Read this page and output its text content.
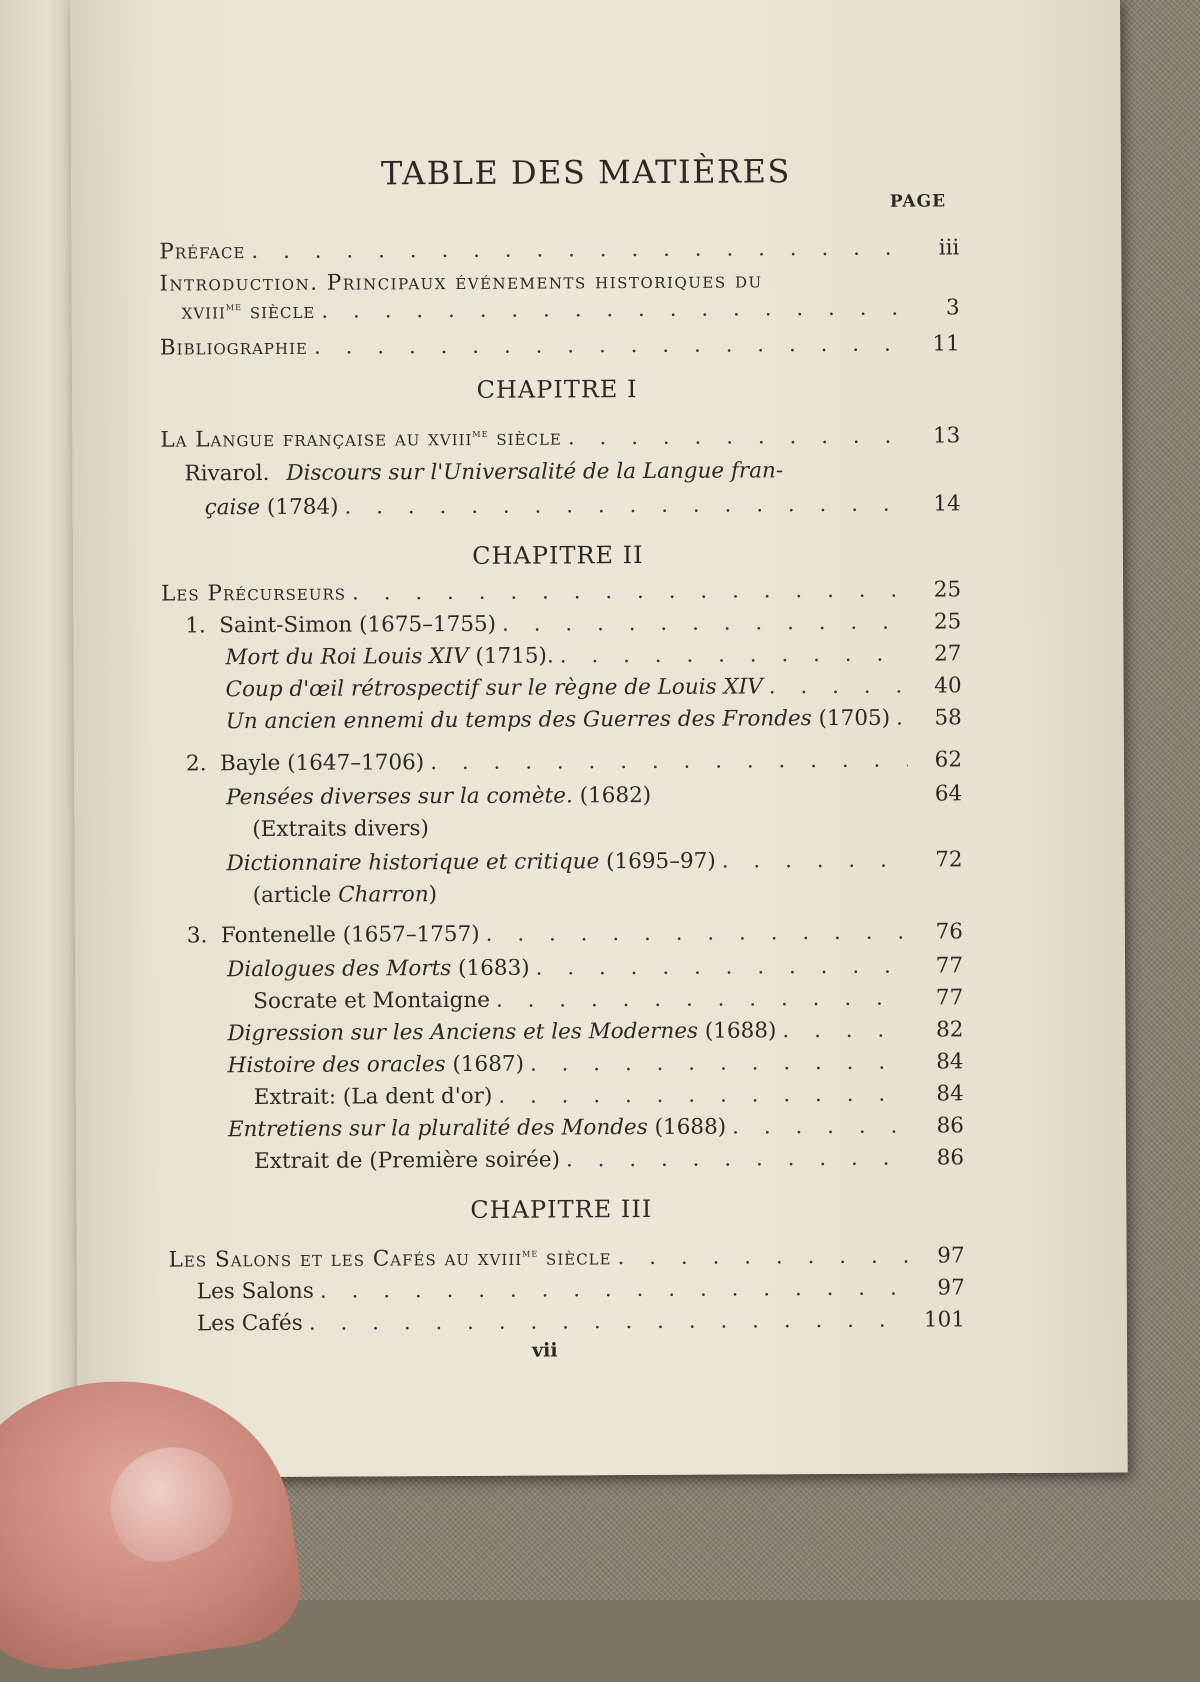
TABLE DES MATIÈRES
PAGE
Préface . . .	iii
Introduction. Principaux événements historiques du
xviii$^{me}$ siècle . . .	3
Bibliographie . . .	11
CHAPITRE I
La Langue française au xviii$^{me}$ siècle . . .	13
Rivarol. Discours sur l'Universalité de la Langue fran-
çaise (1784) . . .	14
CHAPITRE II
Les Précurseurs . . .	25
1. Saint-Simon (1675–1755) . . .	25
Mort du Roi Louis XIV (1715). . . .	27
Coup d'œil rétrospectif sur le règne de Louis XIV . . .	40
Un ancien ennemi du temps des Guerres des Frondes (1705) . . .	58
2. Bayle (1647–1706) . . .	62
Pensées diverses sur la comète. (1682)	64
(Extraits divers)
Dictionnaire historique et critique (1695–97) . . .	72
(article Charron)
3. Fontenelle (1657–1757) . . .	76
Dialogues des Morts (1683) . . .	77
Socrate et Montaigne . . .	77
Digression sur les Anciens et les Modernes (1688) . . .	82
Histoire des oracles (1687) . . .	84
Extrait: (La dent d'or) . . .	84
Entretiens sur la pluralité des Mondes (1688) . . .	86
Extrait de (Première soirée) . . .	86
CHAPITRE III
Les Salons et les Cafés au xviii$^{me}$ siècle . . .	97
Les Salons . . .	97
Les Cafés . . .	101
vii
